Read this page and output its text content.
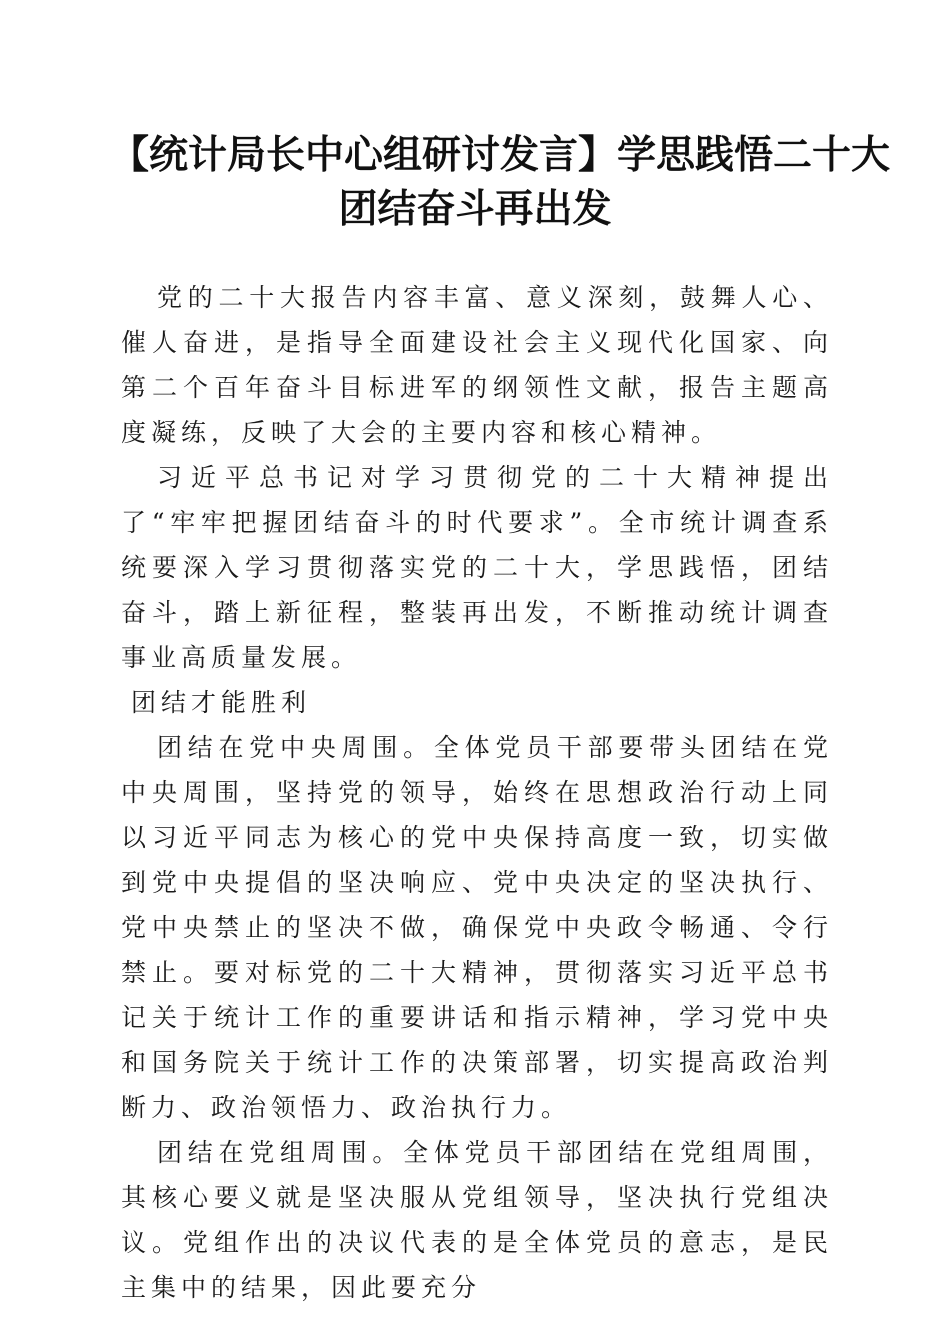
【统计局长中心组研讨发言】学思践悟二十大
团结奋斗再出发

党的二十大报告内容丰富、意义深刻，鼓舞人心、催人奋进，是指导全面建设社会主义现代化国家、向第二个百年奋斗目标进军的纲领性文献，报告主题高度凝练，反映了大会的主要内容和核心精神。

习近平总书记对学习贯彻党的二十大精神提出了“牢牢把握团结奋斗的时代要求”。全市统计调查系统要深入学习贯彻落实党的二十大，学思践悟，团结奋斗，踏上新征程，整装再出发，不断推动统计调查事业高质量发展。

团结才能胜利

团结在党中央周围。全体党员干部要带头团结在党中央周围，坚持党的领导，始终在思想政治行动上同以习近平同志为核心的党中央保持高度一致，切实做到党中央提倡的坚决响应、党中央决定的坚决执行、党中央禁止的坚决不做，确保党中央政令畅通、令行禁止。要对标党的二十大精神，贯彻落实习近平总书记关于统计工作的重要讲话和指示精神，学习党中央和国务院关于统计工作的决策部署，切实提高政治判断力、政治领悟力、政治执行力。

团结在党组周围。全体党员干部团结在党组周围，其核心要义就是坚决服从党组领导，坚决执行党组决议。党组作出的决议代表的是全体党员的意志，是民主集中的结果，因此要充分
